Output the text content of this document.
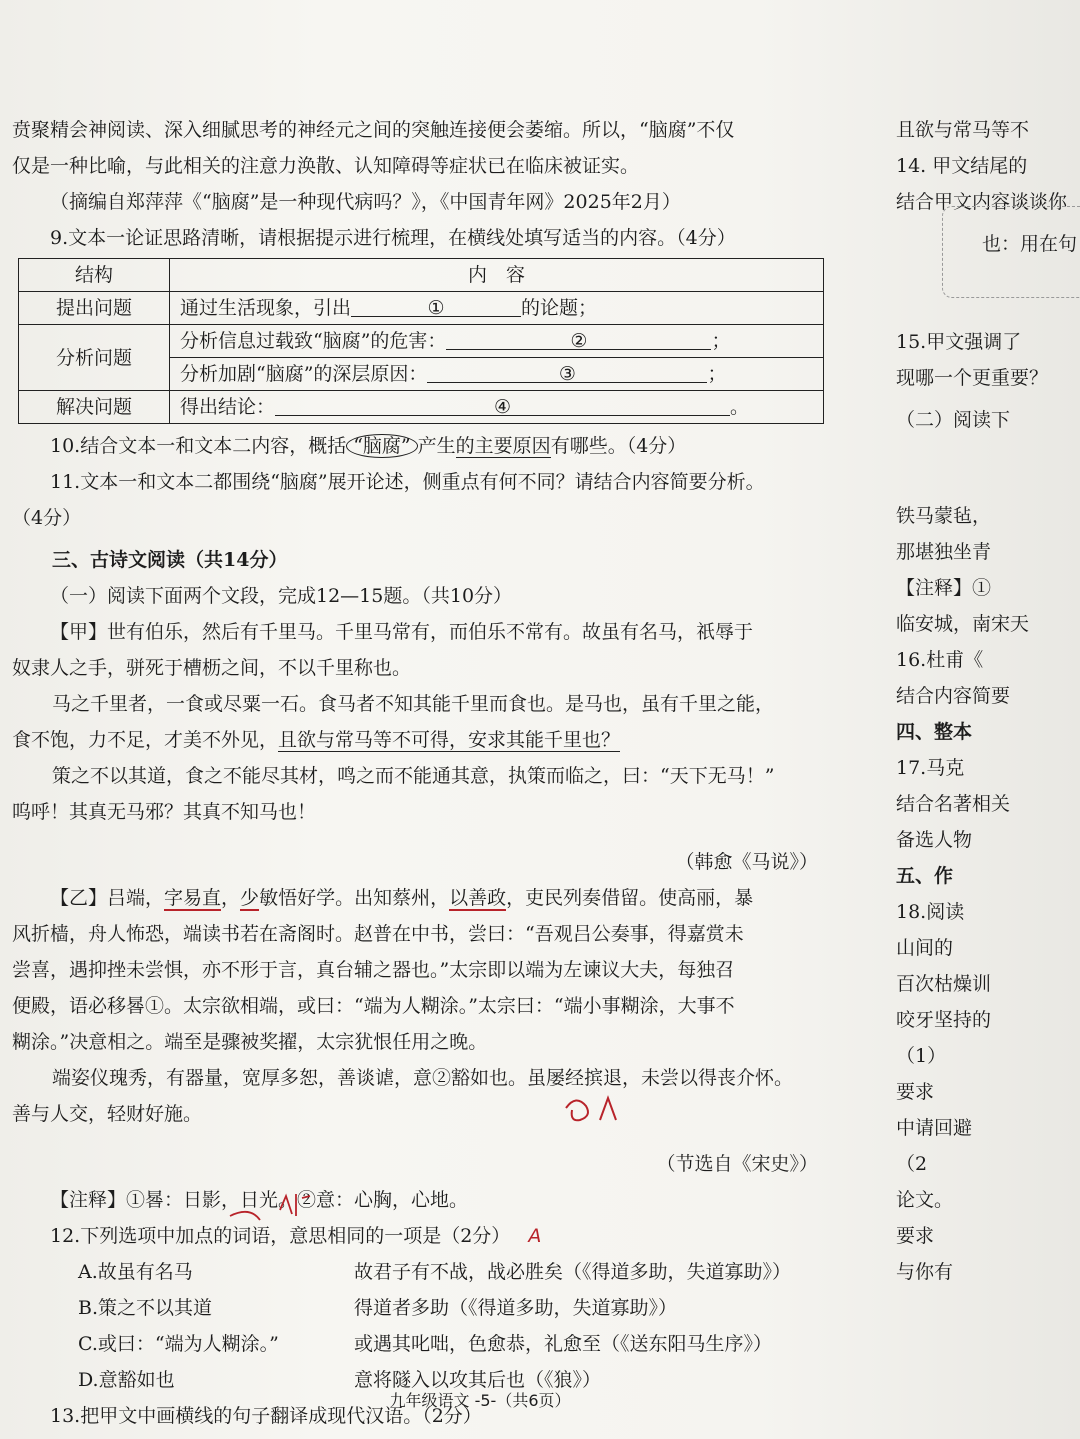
贲聚精会神阅读、深入细腻思考的神经元之间的突触连接便会萎缩。所以，“脑腐”不仅

仅是一种比喻，与此相关的注意力涣散、认知障碍等症状已在临床被证实。

（摘编自郑萍萍《“脑腐”是一种现代病吗？》，《中国青年网》2025年2月）

9.文本一论证思路清晰，请根据提示进行梳理，在横线处填写适当的内容。（4分）

结构	内　容
提出问题	通过生活现象，引出 ① 的论题；
分析问题	分析信息过载致“脑腐”的危害： ② ；
	分析加剧“脑腐”的深层原因： ③ ；
解决问题	得出结论： ④ 。

10.结合文本一和文本二内容，概括 “脑腐” 产生的主要原因有哪些。（4分）

11.文本一和文本二都围绕“脑腐”展开论述，侧重点有何不同？请结合内容简要分析。

（4分）

三、古诗文阅读（共14分）

（一）阅读下面两个文段，完成12—15题。（共10分）

【甲】世有伯乐，然后有千里马。千里马常有，而伯乐不常有。故虽有名马，祇辱于

奴隶人之手，骈死于槽枥之间，不以千里称也。

马之千里者，一食或尽粟一石。食马者不知其能千里而食也。是马也，虽有千里之能，

食不饱，力不足，才美不外见，且欲与常马等不可得，安求其能千里也？

策之不以其道，食之不能尽其材，鸣之而不能通其意，执策而临之，曰：“天下无马！”

呜呼！其真无马邪？其真不知马也！

（韩愈《马说》）

【乙】吕端，字易直，少敏悟好学。出知蔡州，以善政，吏民列奏借留。使高丽，暴

风折樯，舟人怖恐，端读书若在斋阁时。赵普在中书，尝曰：“吾观吕公奏事，得嘉赏未

尝喜，遇抑挫未尝惧，亦不形于言，真台辅之器也。”太宗即以端为左谏议大夫，每独召

便殿，语必移晷①。太宗欲相端，或曰：“端为人糊涂。”太宗曰：“端小事糊涂，大事不

糊涂。”决意相之。端至是骤被奖擢，太宗犹恨任用之晚。

端姿仪瑰秀，有器量，宽厚多恕，善谈谑，意②豁如也。虽屡经摈退，未尝以得丧介怀。

善与人交，轻财好施。

（节选自《宋史》）

【注释】①晷：日影，日光。②意：心胸，心地。

12.下列选项中加点的词语，意思相同的一项是（2分） A

A.故虽有名马	故君子有不战，战必胜矣（《得道多助，失道寡助》）

B.策之不以其道	得道者多助（《得道多助，失道寡助》）

C.或曰：“端为人糊涂。”	或遇其叱咄，色愈恭，礼愈至（《送东阳马生序》）

D.意豁如也	意将隧入以攻其后也（《狼》）

13.把甲文中画横线的句子翻译成现代汉语。（2分）

且欲与常马等不

14. 甲文结尾的

结合甲文内容谈谈你

也：用在句

15.甲文强调了

现哪一个更重要？

（二）阅读下

铁马蒙毡，

那堪独坐青

【注释】①

临安城，南宋天

16.杜甫《

结合内容简要

四、整本

17.马克

结合名著相关

备选人物

五、作

18.阅读

山间的

百次枯燥训

咬牙坚持的

（1）

要求

中请回避

（2

论文。

要求

与你有

九年级语文 -5-（共6页）
